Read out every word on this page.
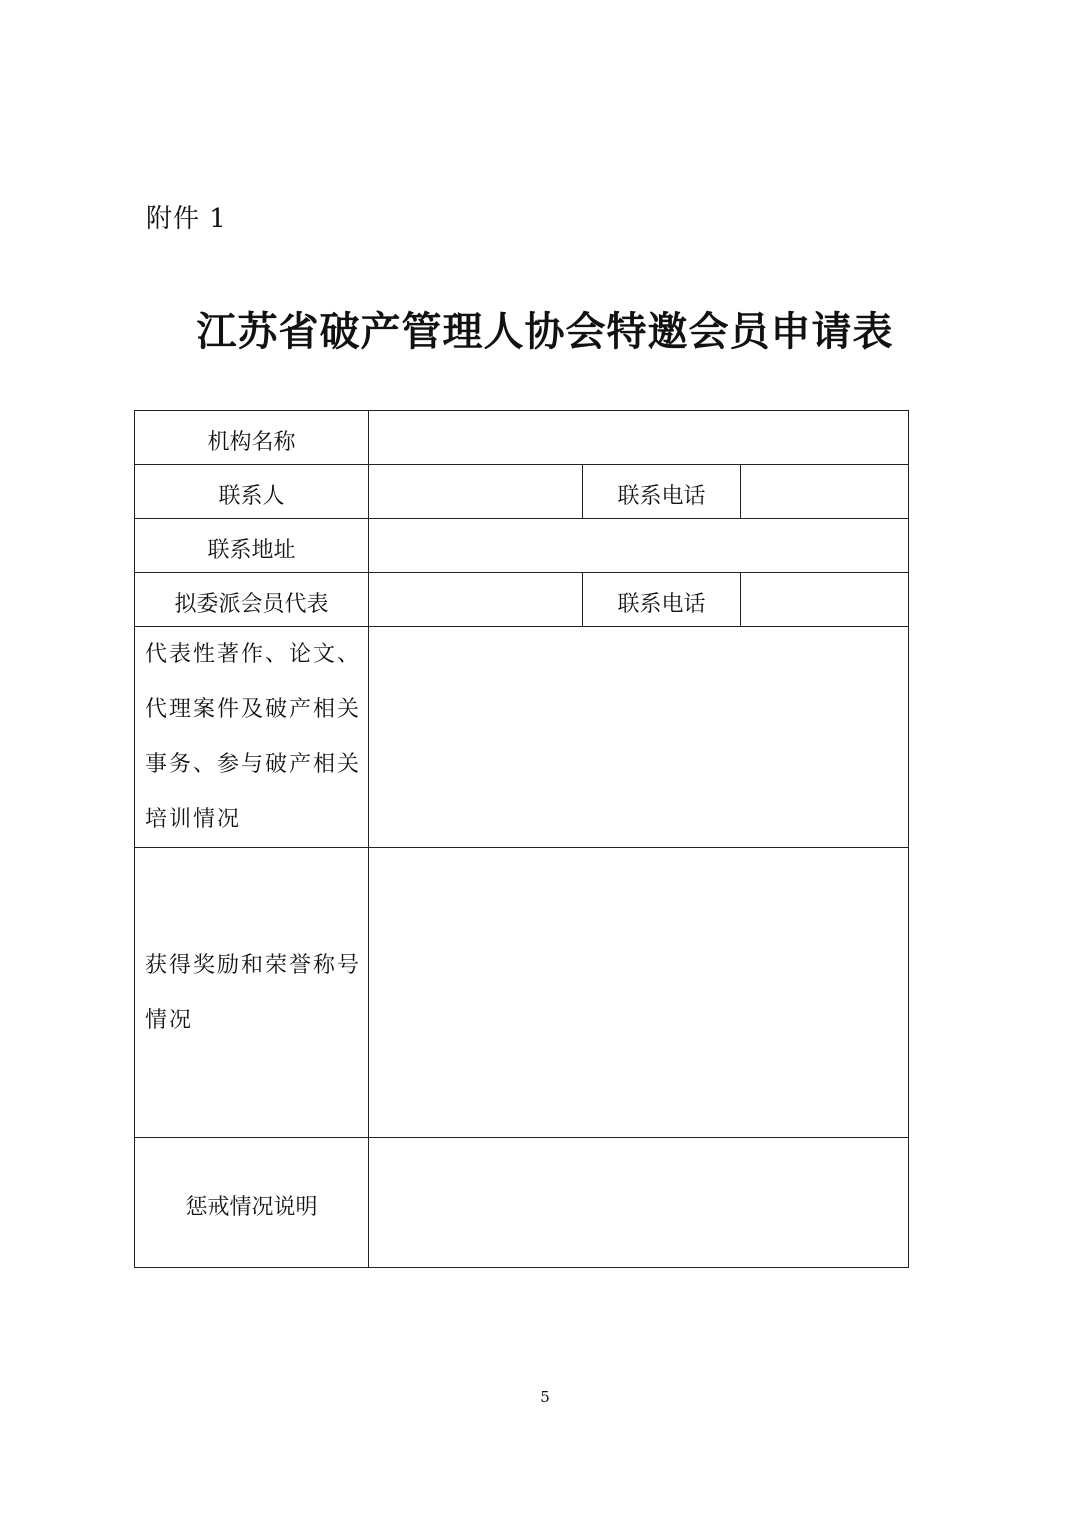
附件 1
江苏省破产管理人协会特邀会员申请表
机构名称			
联系人		联系电话	
联系地址			
拟委派会员代表		联系电话	
代表性著作、论文、代理案件及破产相关事务、参与破产相关培训情况			
获得奖励和荣誉称号情况			
惩戒情况说明			
5
